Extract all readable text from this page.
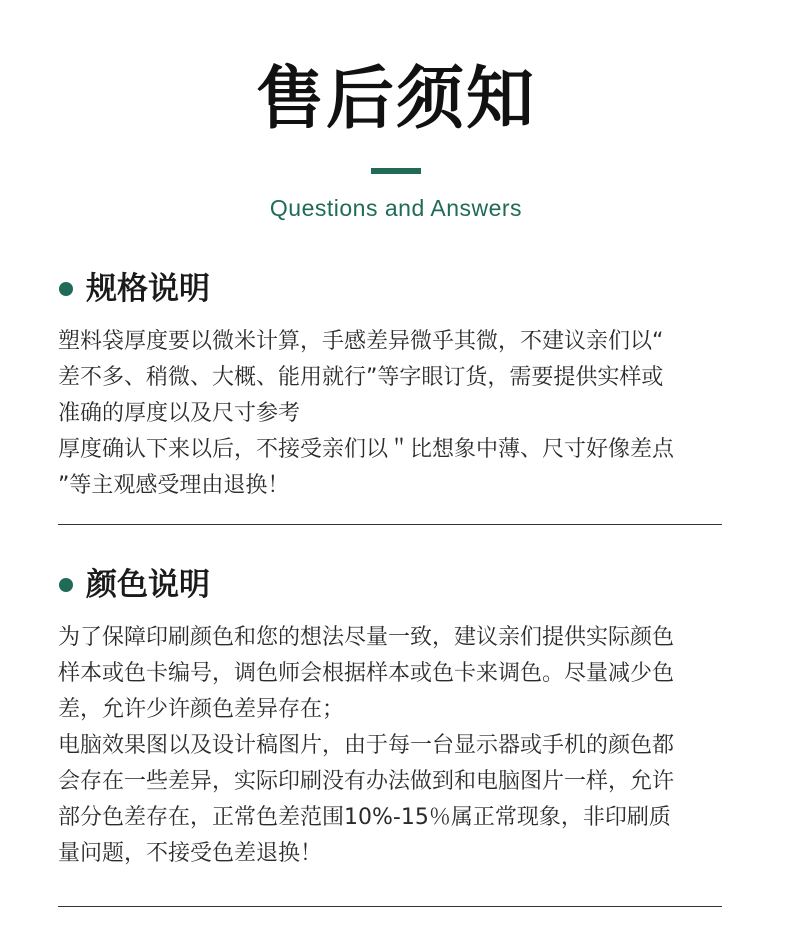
售后须知
Questions and Answers
规格说明
塑料袋厚度要以微米计算，手感差异微乎其微，不建议亲们以“
差不多、稍微、大概、能用就行”等字眼订货，需要提供实样或
准确的厚度以及尺寸参考
厚度确认下来以后，不接受亲们以＂比想象中薄、尺寸好像差点
”等主观感受理由退换！
颜色说明
为了保障印刷颜色和您的想法尽量一致，建议亲们提供实际颜色
样本或色卡编号，调色师会根据样本或色卡来调色。尽量减少色
差，允许少许颜色差异存在；
电脑效果图以及设计稿图片，由于每一台显示器或手机的颜色都
会存在一些差异，实际印刷没有办法做到和电脑图片一样，允许
部分色差存在，正常色差范围10%-15％属正常现象，非印刷质
量问题，不接受色差退换！
